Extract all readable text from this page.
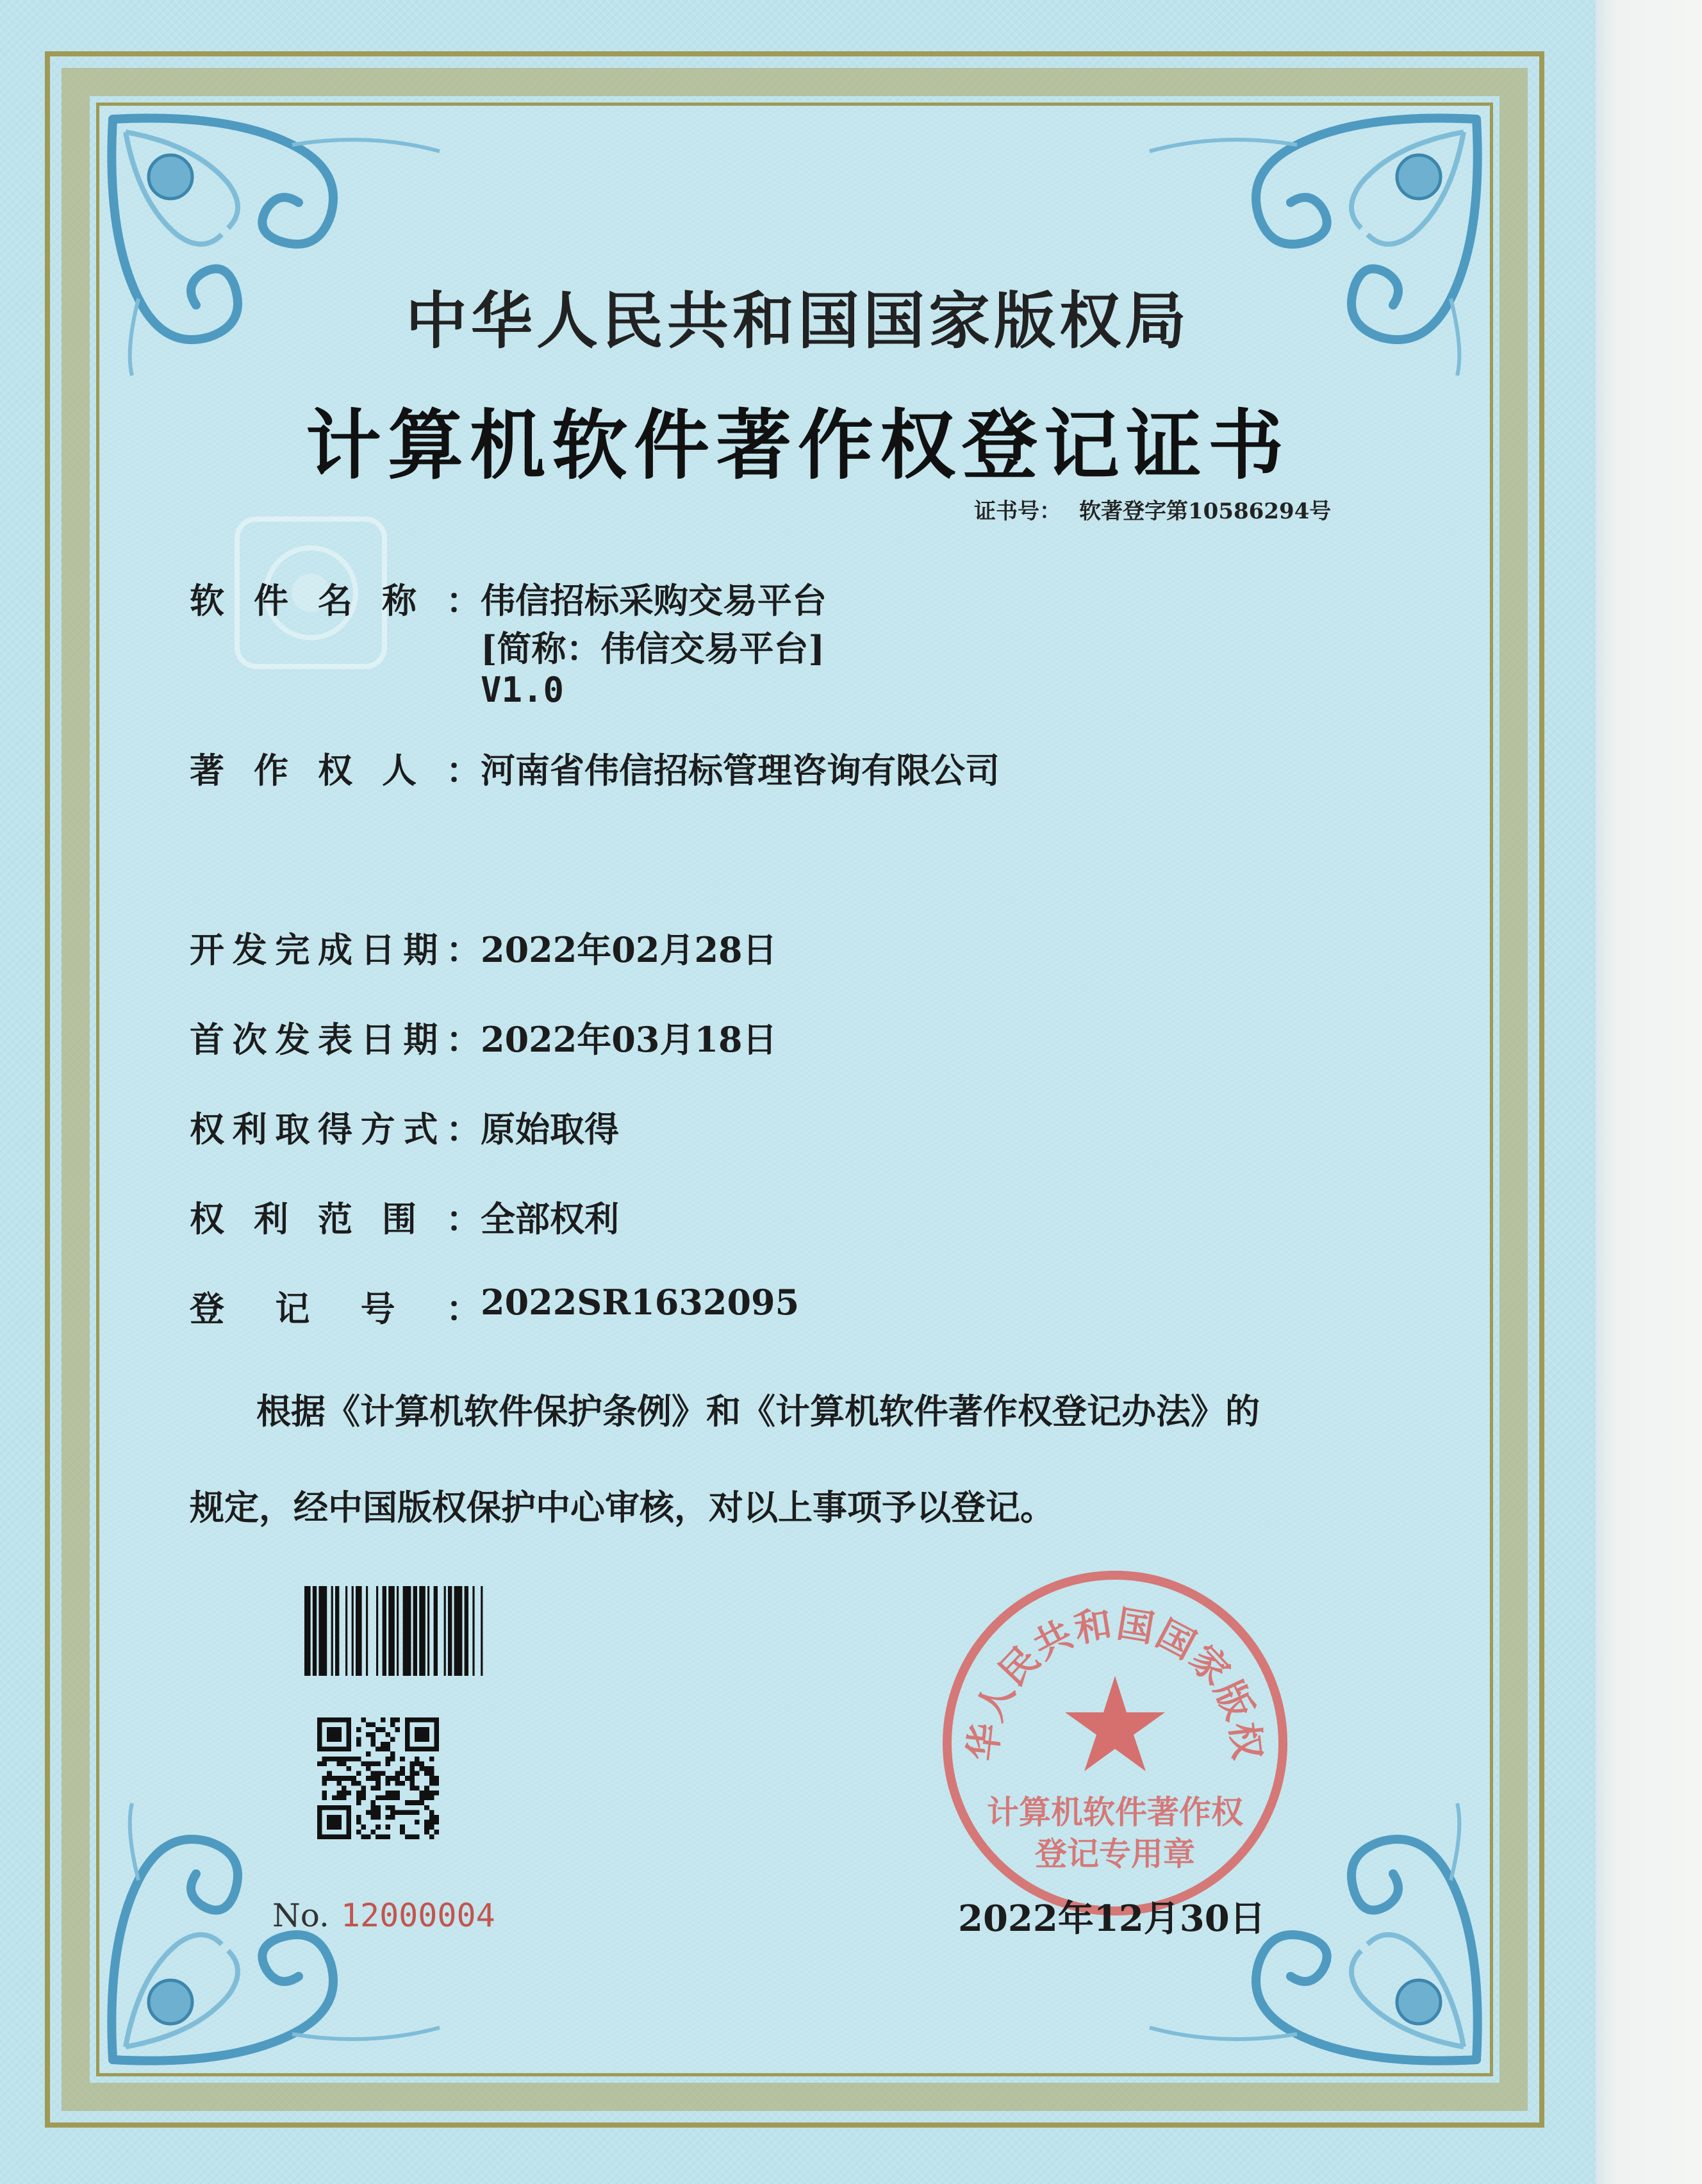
中华人民共和国国家版权局
计算机软件著作权登记证书
证书号： 软著登字第10586294号
软件名称： 伟信招标采购交易平台
[简称：伟信交易平台]
V1.0
著作权人： 河南省伟信招标管理咨询有限公司
开发完成日期： 2022年02月28日
首次发表日期： 2022年03月18日
权利取得方式： 原始取得
权利范围： 全部权利
登记号： 2022SR1632095
根据《计算机软件保护条例》和《计算机软件著作权登记办法》的
规定，经中国版权保护中心审核，对以上事项予以登记。
No. 12000004
华人民共和国国家版权
计算机软件著作权
登记专用章
2022年12月30日
